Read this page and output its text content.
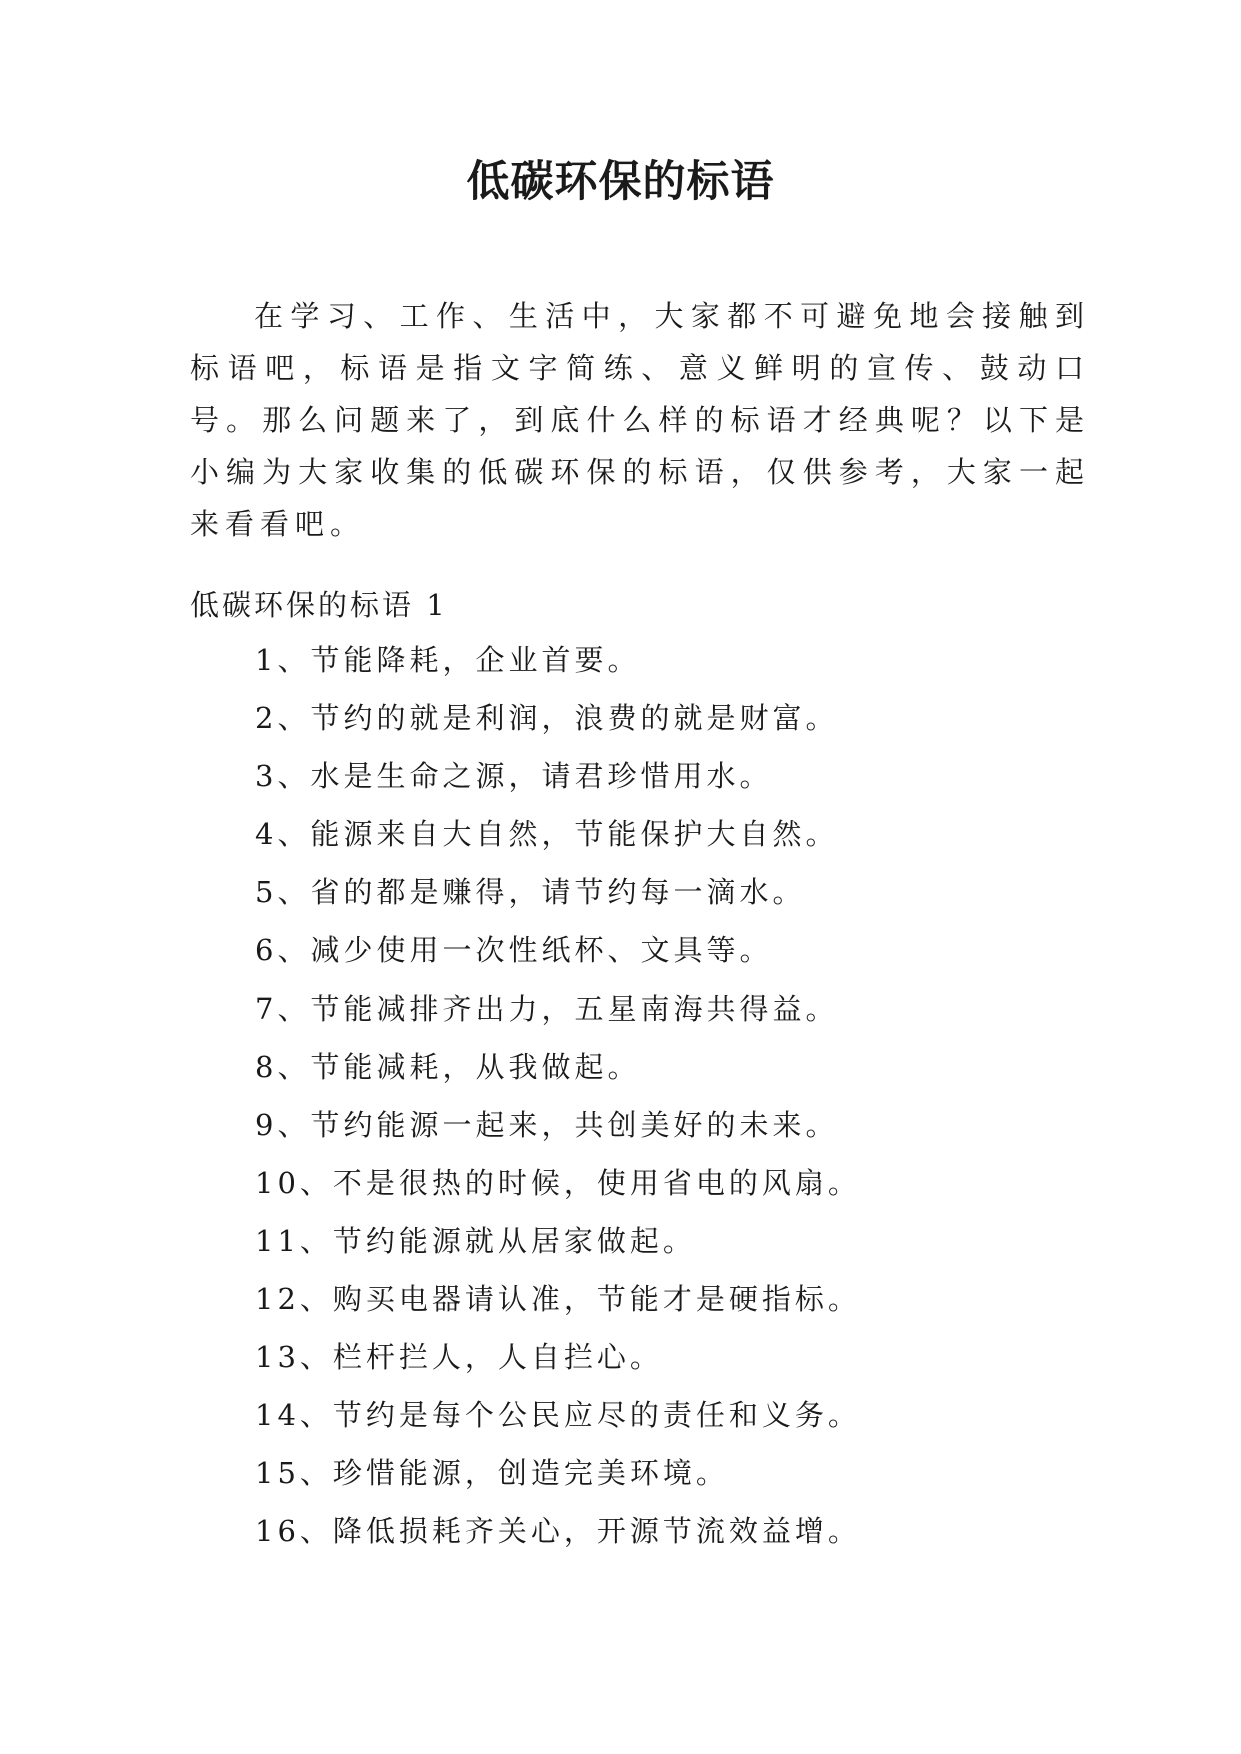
低碳环保的标语

在学习、工作、生活中，大家都不可避免地会接触到标语吧，标语是指文字简练、意义鲜明的宣传、鼓动口号。那么问题来了，到底什么样的标语才经典呢？以下是小编为大家收集的低碳环保的标语，仅供参考，大家一起来看看吧。

低碳环保的标语 1

1、节能降耗，企业首要。
2、节约的就是利润，浪费的就是财富。
3、水是生命之源，请君珍惜用水。
4、能源来自大自然，节能保护大自然。
5、省的都是赚得，请节约每一滴水。
6、减少使用一次性纸杯、文具等。
7、节能减排齐出力，五星南海共得益。
8、节能减耗，从我做起。
9、节约能源一起来，共创美好的未来。
10、不是很热的时候，使用省电的风扇。
11、节约能源就从居家做起。
12、购买电器请认准，节能才是硬指标。
13、栏杆拦人，人自拦心。
14、节约是每个公民应尽的责任和义务。
15、珍惜能源，创造完美环境。
16、降低损耗齐关心，开源节流效益增。
